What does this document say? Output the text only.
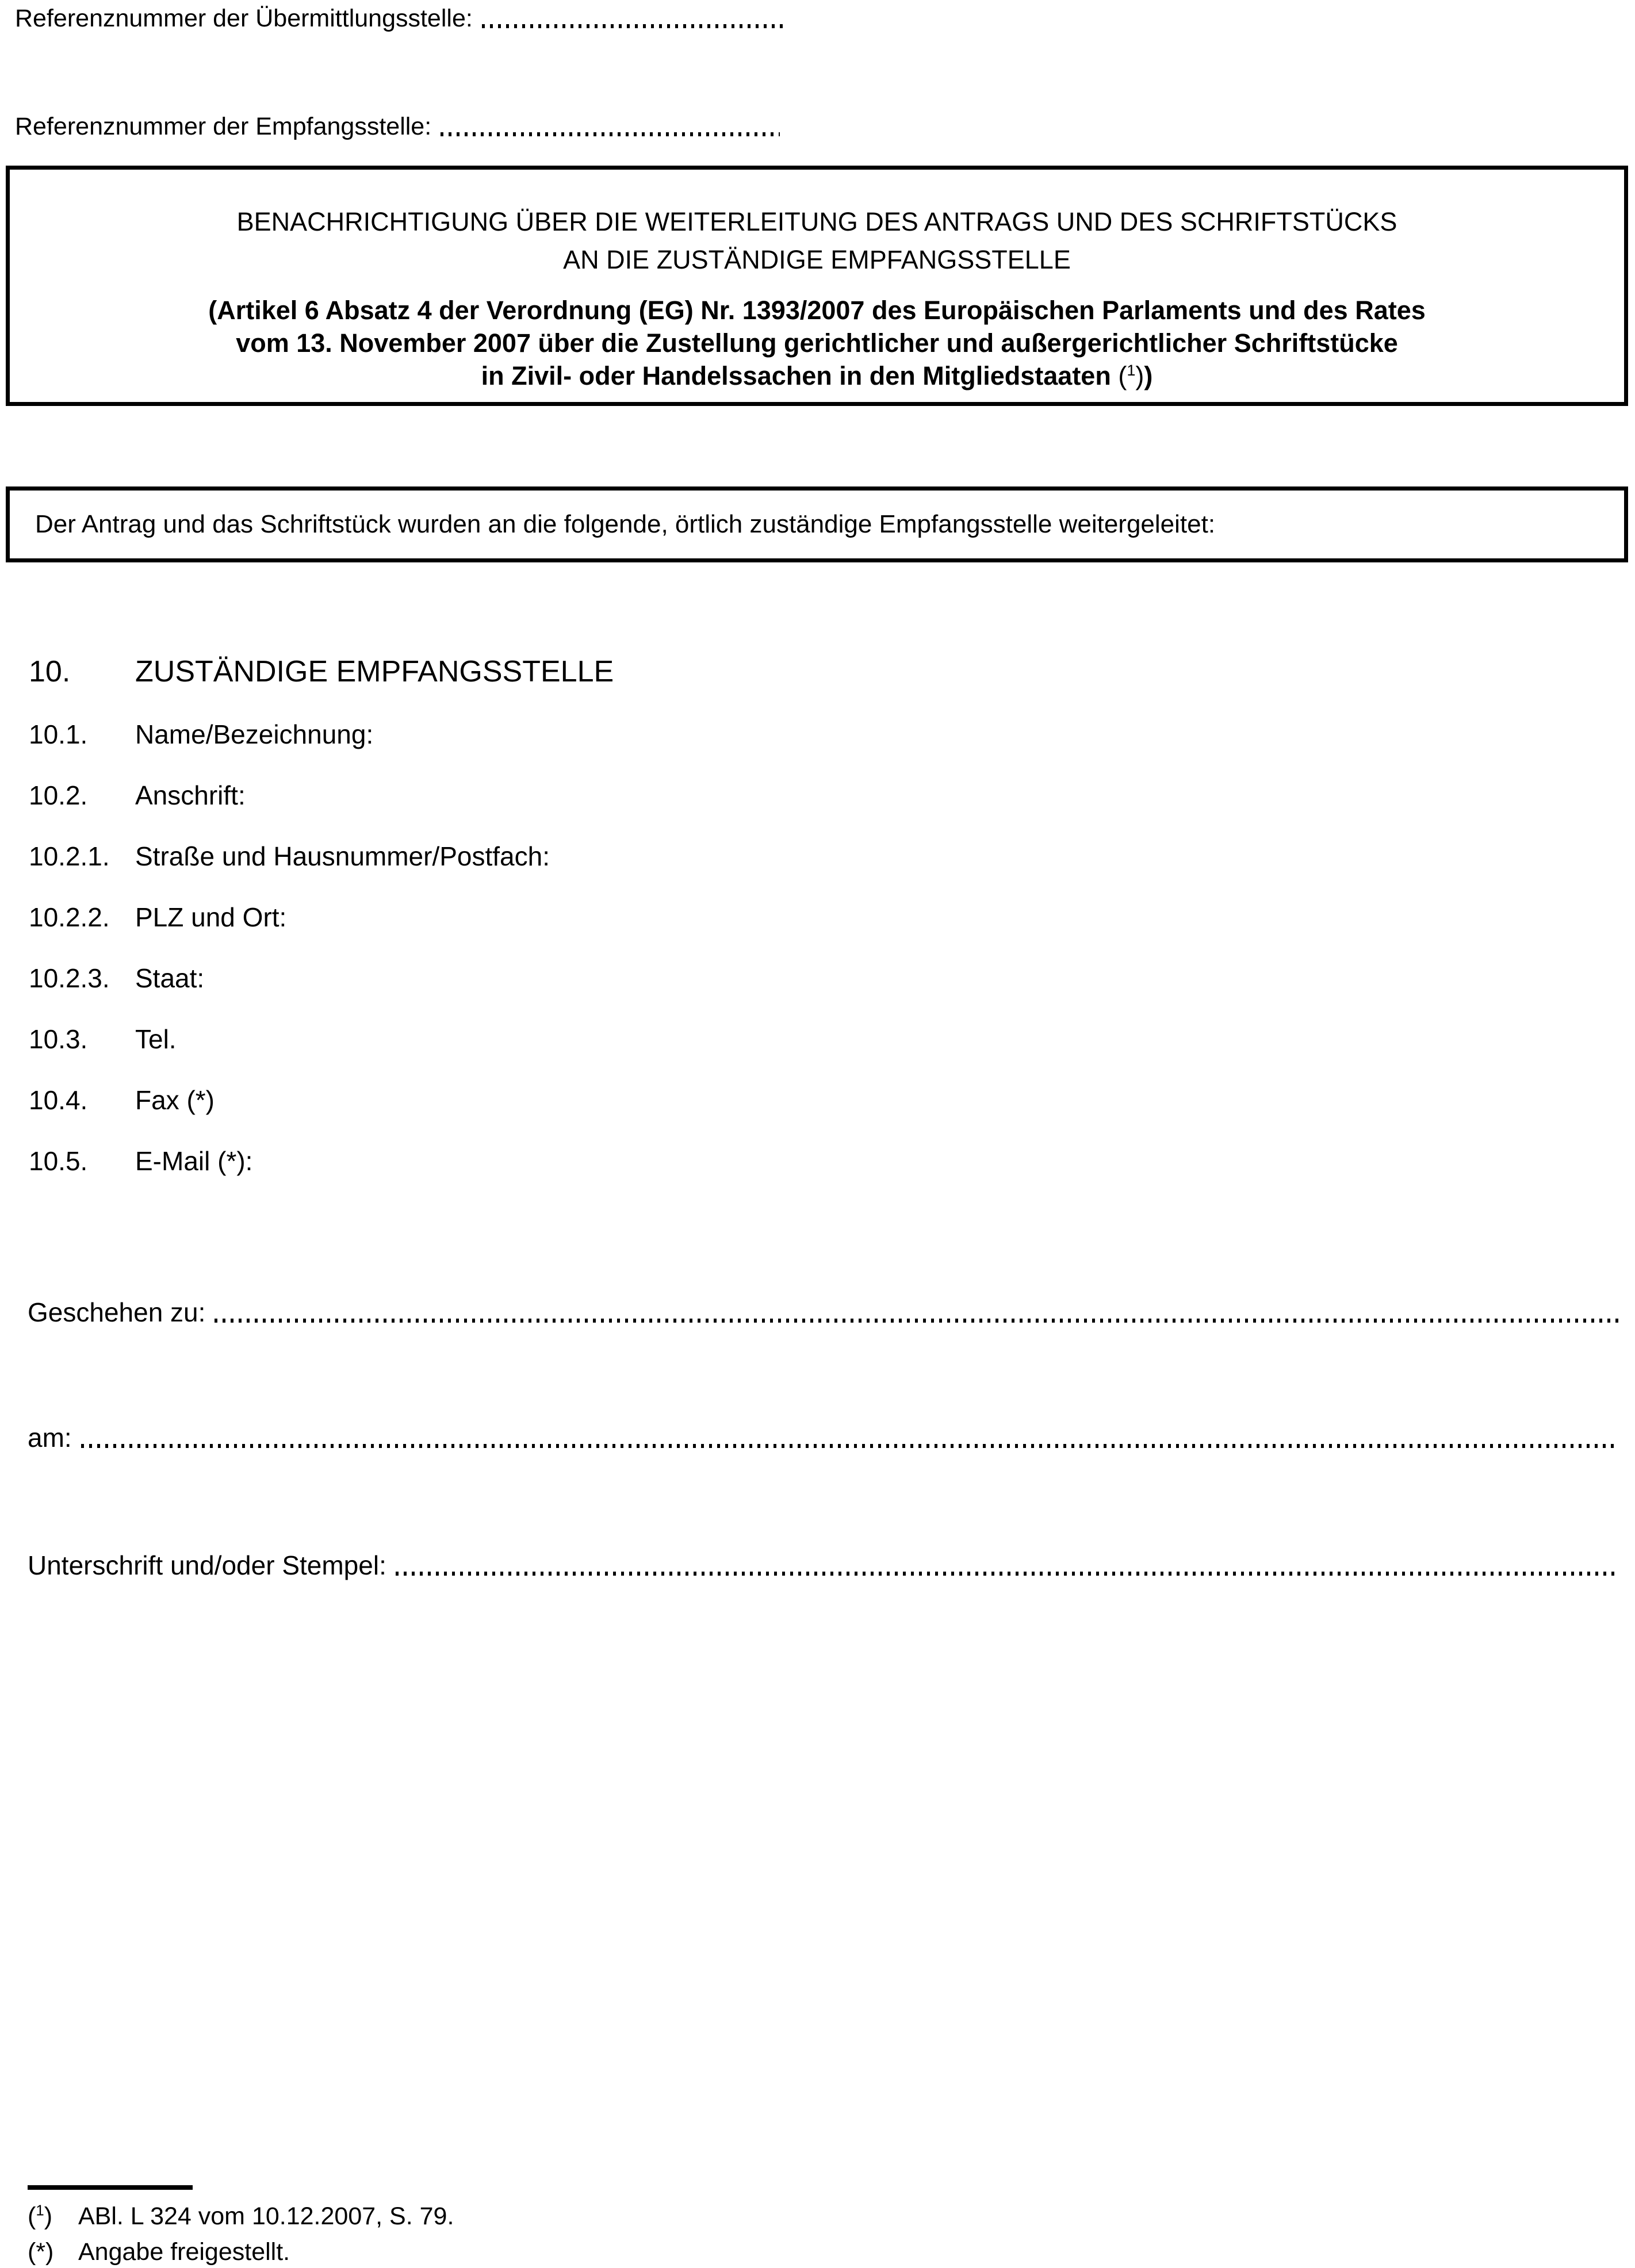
Referenznummer der Übermittlungsstelle:
Referenznummer der Empfangsstelle:
BENACHRICHTIGUNG ÜBER DIE WEITERLEITUNG DES ANTRAGS UND DES SCHRIFTSTÜCKS
AN DIE ZUSTÄNDIGE EMPFANGSSTELLE
(Artikel 6 Absatz 4 der Verordnung (EG) Nr. 1393/2007 des Europäischen Parlaments und des Rates
vom 13. November 2007 über die Zustellung gerichtlicher und außergerichtlicher Schriftstücke
in Zivil- oder Handelssachen in den Mitgliedstaaten ($^1$))
Der Antrag und das Schriftstück wurden an die folgende, örtlich zuständige Empfangsstelle weitergeleitet:
10.	ZUSTÄNDIGE EMPFANGSSTELLE
10.1.	Name/Bezeichnung:
10.2.	Anschrift:
10.2.1. Straße und Hausnummer/Postfach:
10.2.2. PLZ und Ort:
10.2.3. Staat:
10.3.	Tel.
10.4.	Fax (*)
10.5.	E-Mail (*):
Geschehen zu:
am:
Unterschrift und/oder Stempel:
($^1$)	ABl. L 324 vom 10.12.2007, S. 79.
(*) Angabe freigestellt.
